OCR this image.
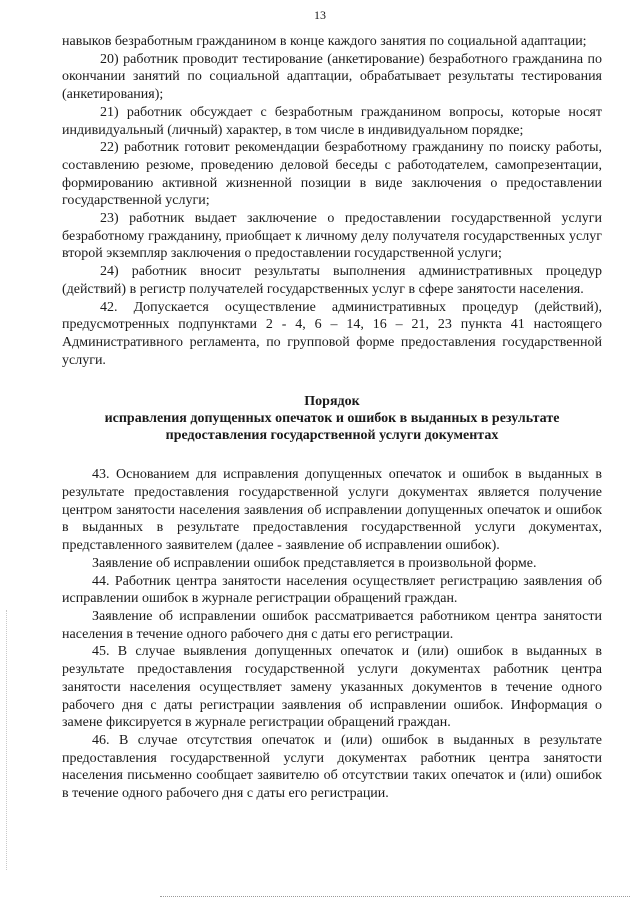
13

навыков безработным гражданином в конце каждого занятия по социальной адаптации;

20) работник проводит тестирование (анкетирование) безработного гражданина по окончании занятий по социальной адаптации, обрабатывает результаты тестирования (анкетирования);

21) работник обсуждает с безработным гражданином вопросы, которые носят индивидуальный (личный) характер, в том числе в индивидуальном порядке;

22) работник готовит рекомендации безработному гражданину по поиску работы, составлению резюме, проведению деловой беседы с работодателем, самопрезентации, формированию активной жизненной позиции в виде заключения о предоставлении государственной услуги;

23) работник выдает заключение о предоставлении государственной услуги безработному гражданину, приобщает к личному делу получателя государственных услуг второй экземпляр заключения о предоставлении государственной услуги;

24) работник вносит результаты выполнения административных процедур (действий) в регистр получателей государственных услуг в сфере занятости населения.

42. Допускается осуществление административных процедур (действий), предусмотренных подпунктами 2 - 4, 6 – 14, 16 – 21, 23 пункта 41 настоящего Административного регламента, по групповой форме предоставления государственной услуги.

Порядок
исправления допущенных опечаток и ошибок в выданных в результате
предоставления государственной услуги документах

43. Основанием для исправления допущенных опечаток и ошибок в выданных в результате предоставления государственной услуги документах является получение центром занятости населения заявления об исправлении допущенных опечаток и ошибок в выданных в результате предоставления государственной услуги документах, представленного заявителем (далее - заявление об исправлении ошибок).

Заявление об исправлении ошибок представляется в произвольной форме.

44. Работник центра занятости населения осуществляет регистрацию заявления об исправлении ошибок в журнале регистрации обращений граждан.

Заявление об исправлении ошибок рассматривается работником центра занятости населения в течение одного рабочего дня с даты его регистрации.

45. В случае выявления допущенных опечаток и (или) ошибок в выданных в результате предоставления государственной услуги документах работник центра занятости населения осуществляет замену указанных документов в течение одного рабочего дня с даты регистрации заявления об исправлении ошибок. Информация о замене фиксируется в журнале регистрации обращений граждан.

46. В случае отсутствия опечаток и (или) ошибок в выданных в результате предоставления государственной услуги документах работник центра занятости населения письменно сообщает заявителю об отсутствии таких опечаток и (или) ошибок в течение одного рабочего дня с даты его регистрации.
